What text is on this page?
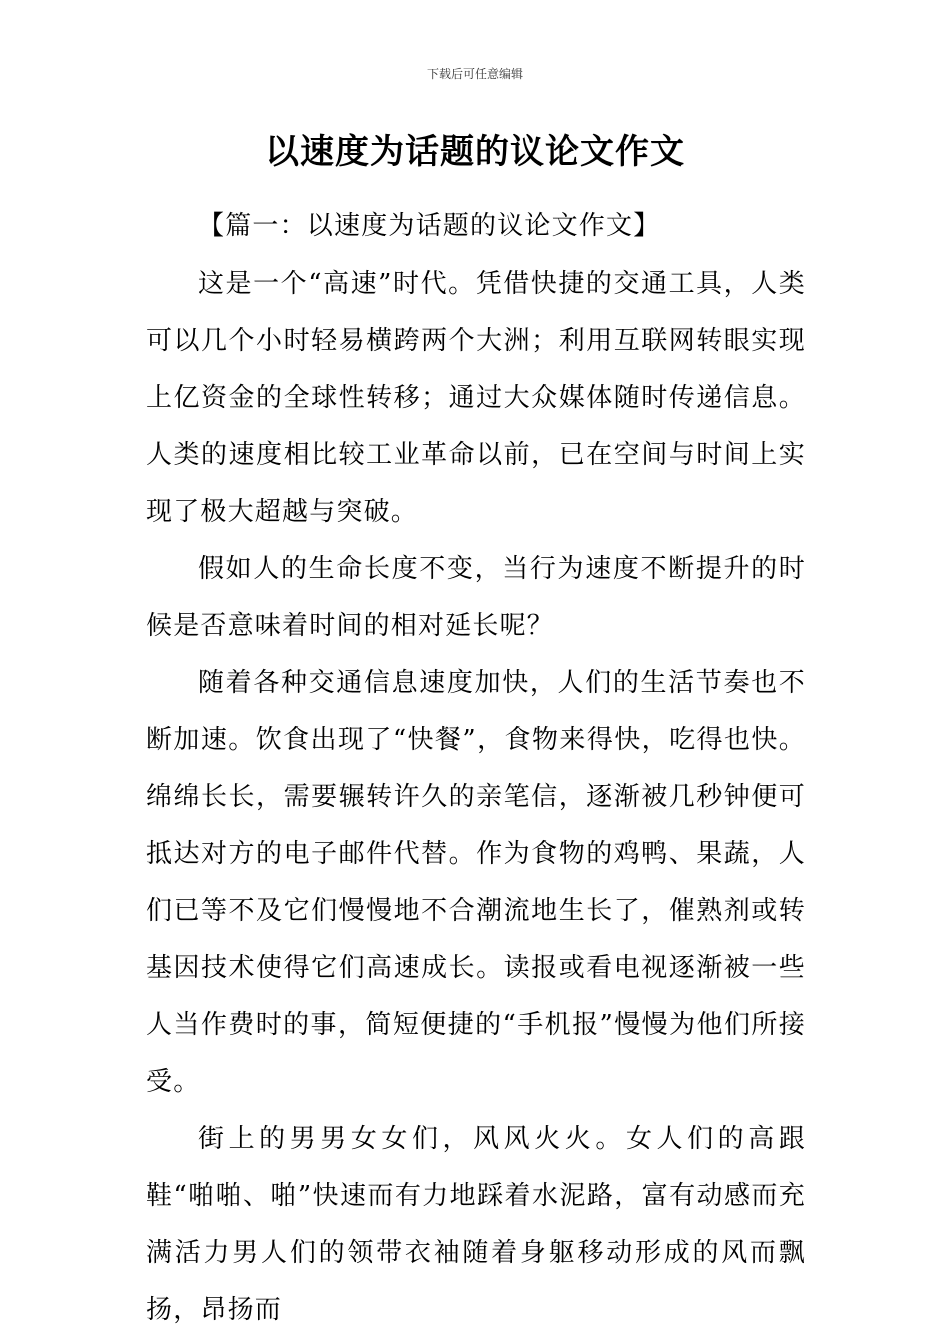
下载后可任意编辑
以速度为话题的议论文作文

【篇一：以速度为话题的议论文作文】

这是一个“高速”时代。凭借快捷的交通工具，人类可以几个小时轻易横跨两个大洲；利用互联网转眼实现上亿资金的全球性转移；通过大众媒体随时传递信息。人类的速度相比较工业革命以前，已在空间与时间上实现了极大超越与突破。

假如人的生命长度不变，当行为速度不断提升的时候是否意味着时间的相对延长呢？

随着各种交通信息速度加快，人们的生活节奏也不断加速。饮食出现了“快餐”，食物来得快，吃得也快。绵绵长长，需要辗转许久的亲笔信，逐渐被几秒钟便可抵达对方的电子邮件代替。作为食物的鸡鸭、果蔬，人们已等不及它们慢慢地不合潮流地生长了，催熟剂或转基因技术使得它们高速成长。读报或看电视逐渐被一些人当作费时的事，简短便捷的“手机报”慢慢为他们所接受。

街上的男男女女们，风风火火。女人们的高跟鞋“啪啪、啪”快速而有力地踩着水泥路，富有动感而充满活力男人们的领带衣袖随着身躯移动形成的风而飘扬，昂扬而
